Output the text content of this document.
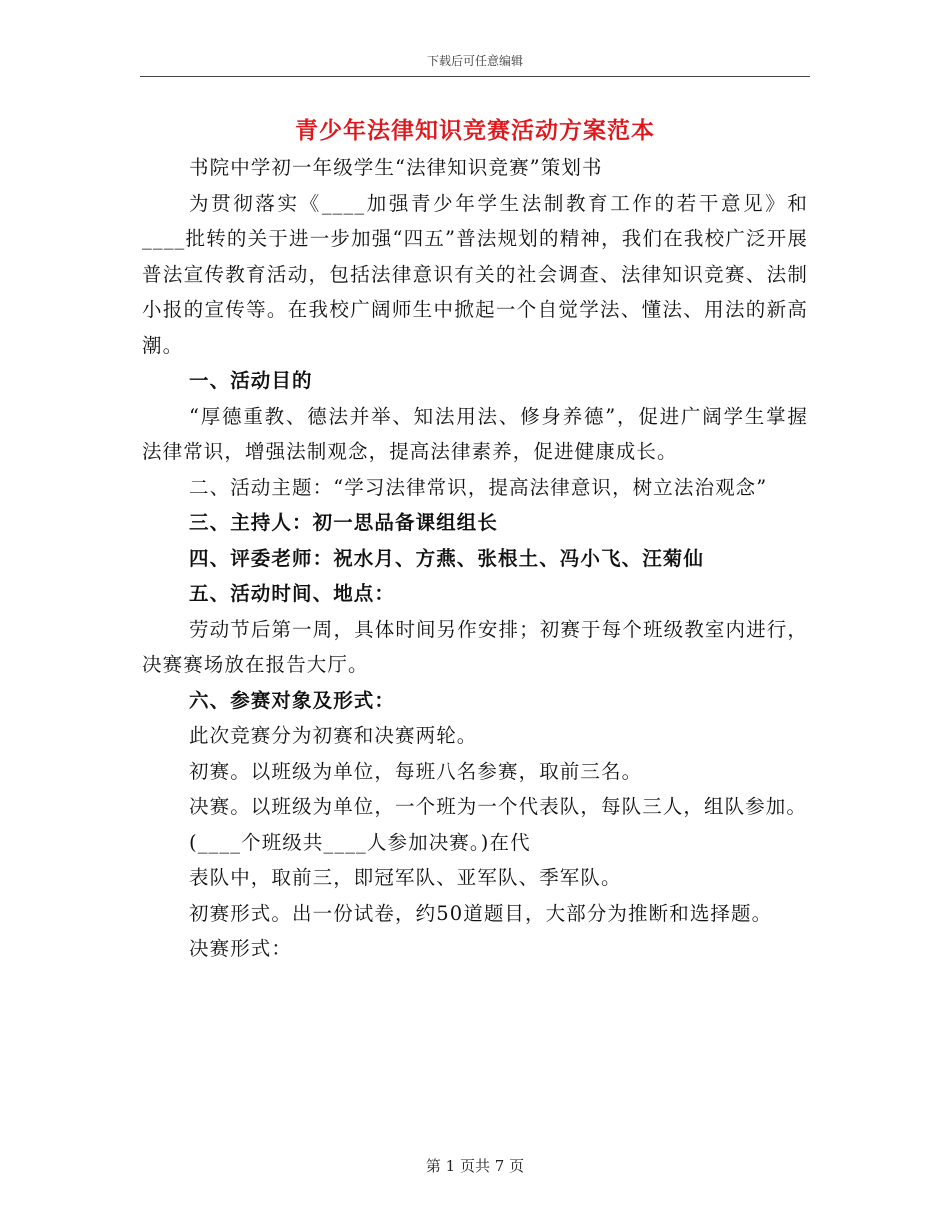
下载后可任意编辑
青少年法律知识竞赛活动方案范本

书院中学初一年级学生“法律知识竞赛”策划书

为贯彻落实《____加强青少年学生法制教育工作的若干意见》和____批转的关于进一步加强“四五”普法规划的精神，我们在我校广泛开展普法宣传教育活动，包括法律意识有关的社会调查、法律知识竞赛、法制小报的宣传等。在我校广阔师生中掀起一个自觉学法、懂法、用法的新高潮。

一、活动目的

“厚德重教、德法并举、知法用法、修身养德”，促进广阔学生掌握法律常识，增强法制观念，提高法律素养，促进健康成长。

二、活动主题：“学习法律常识，提高法律意识，树立法治观念”

三、主持人：初一思品备课组组长

四、评委老师：祝水月、方燕、张根土、冯小飞、汪菊仙

五、活动时间、地点：

劳动节后第一周，具体时间另作安排；初赛于每个班级教室内进行，决赛赛场放在报告大厅。

六、参赛对象及形式：

此次竞赛分为初赛和决赛两轮。

初赛。以班级为单位，每班八名参赛，取前三名。

决赛。以班级为单位，一个班为一个代表队，每队三人，组队参加。

(____个班级共____人参加决赛。)在代

表队中，取前三，即冠军队、亚军队、季军队。

初赛形式。出一份试卷，约50道题目，大部分为推断和选择题。

决赛形式：

第 1 页共 7 页
